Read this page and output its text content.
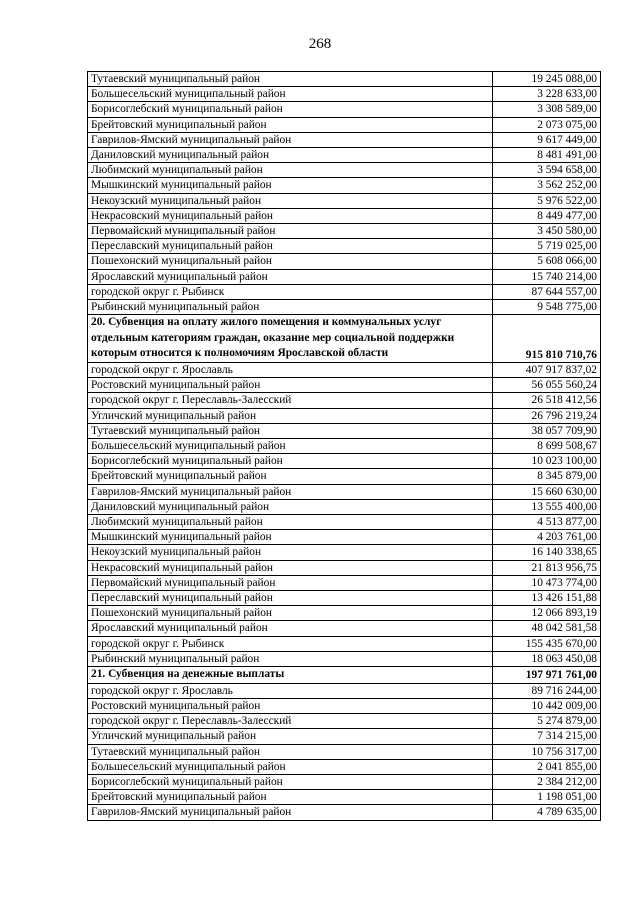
268
Тутаевский муниципальный район	19 245 088,00
Большесельский муниципальный район	3 228 633,00
Борисоглебский муниципальный район	3 308 589,00
Брейтовский муниципальный район	2 073 075,00
Гаврилов-Ямский муниципальный район	9 617 449,00
Даниловский муниципальный район	8 481 491,00
Любимский муниципальный район	3 594 658,00
Мышкинский муниципальный район	3 562 252,00
Некоузский муниципальный район	5 976 522,00
Некрасовский муниципальный район	8 449 477,00
Первомайский муниципальный район	3 450 580,00
Переславский муниципальный район	5 719 025,00
Пошехонский муниципальный район	5 608 066,00
Ярославский муниципальный район	15 740 214,00
городской округ г. Рыбинск	87 644 557,00
Рыбинский муниципальный район	9 548 775,00
20. Субвенция на оплату жилого помещения и коммунальных услуг отдельным категориям граждан, оказание мер социальной поддержки которым относится к полномочиям Ярославской области	915 810 710,76
городской округ г. Ярославль	407 917 837,02
Ростовский муниципальный район	56 055 560,24
городской округ г. Переславль-Залесский	26 518 412,56
Угличский муниципальный район	26 796 219,24
Тутаевский муниципальный район	38 057 709,90
Большесельский муниципальный район	8 699 508,67
Борисоглебский муниципальный район	10 023 100,00
Брейтовский муниципальный район	8 345 879,00
Гаврилов-Ямский муниципальный район	15 660 630,00
Даниловский муниципальный район	13 555 400,00
Любимский муниципальный район	4 513 877,00
Мышкинский муниципальный район	4 203 761,00
Некоузский муниципальный район	16 140 338,65
Некрасовский муниципальный район	21 813 956,75
Первомайский муниципальный район	10 473 774,00
Переславский муниципальный район	13 426 151,88
Пошехонский муниципальный район	12 066 893,19
Ярославский муниципальный район	48 042 581,58
городской округ г. Рыбинск	155 435 670,00
Рыбинский муниципальный район	18 063 450,08
21. Субвенция на денежные выплаты	197 971 761,00
городской округ г. Ярославль	89 716 244,00
Ростовский муниципальный район	10 442 009,00
городской округ г. Переславль-Залесский	5 274 879,00
Угличский муниципальный район	7 314 215,00
Тутаевский муниципальный район	10 756 317,00
Большесельский муниципальный район	2 041 855,00
Борисоглебский муниципальный район	2 384 212,00
Брейтовский муниципальный район	1 198 051,00
Гаврилов-Ямский муниципальный район	4 789 635,00
